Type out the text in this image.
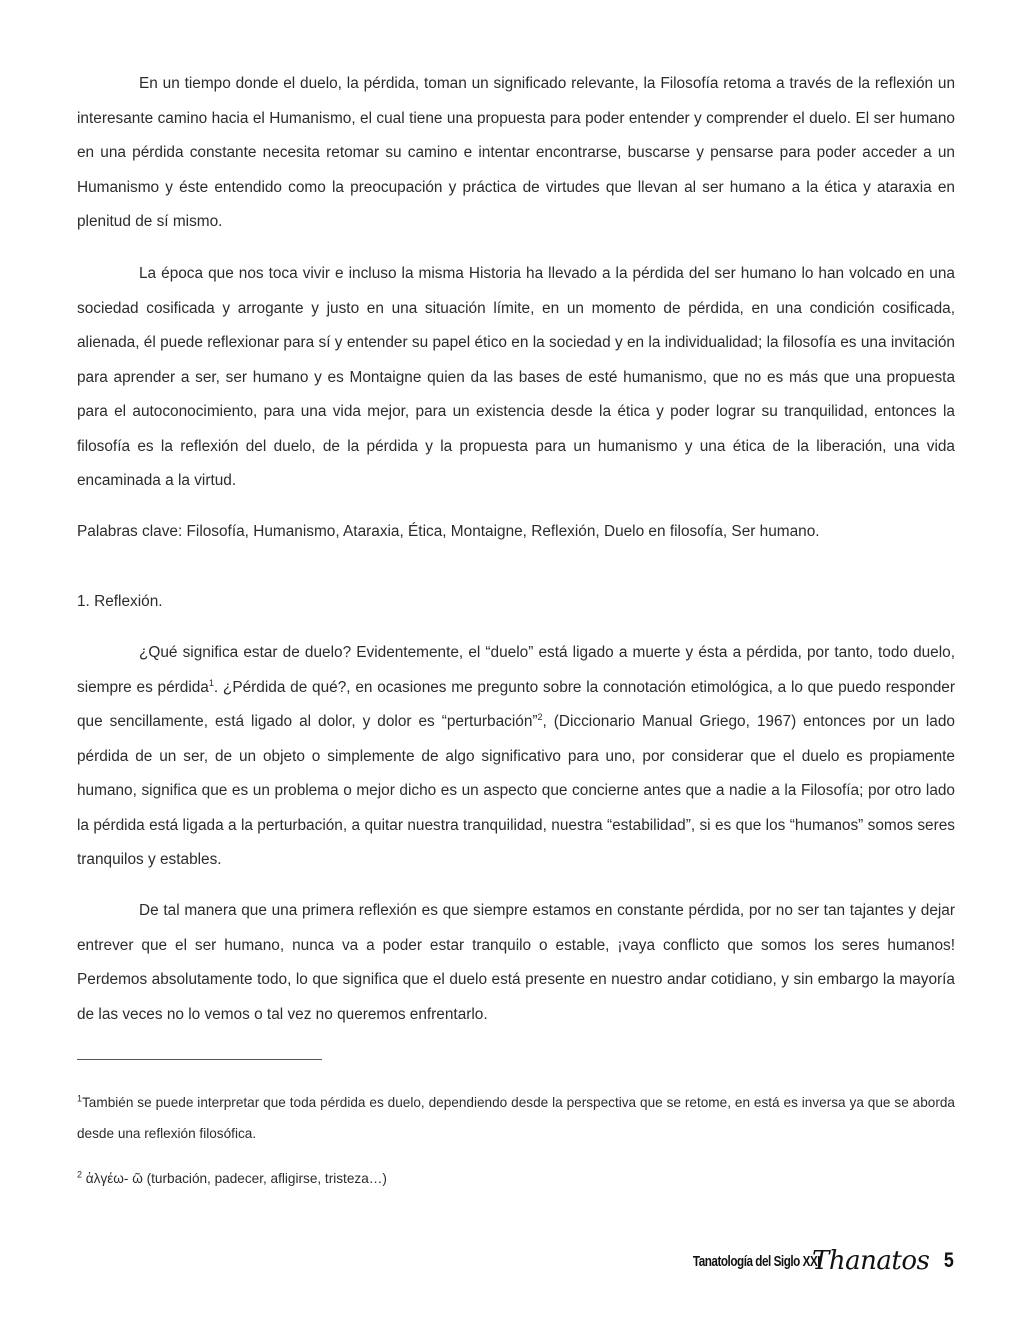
En un tiempo donde el duelo, la pérdida, toman un significado relevante, la Filosofía retoma a través de la reflexión un interesante camino hacia el Humanismo, el cual tiene una propuesta para poder entender y comprender el duelo. El ser humano en una pérdida constante necesita retomar su camino e intentar encontrarse, buscarse y pensarse para poder acceder a un Humanismo y éste entendido como la preocupación y práctica de virtudes que llevan al ser humano a la ética y ataraxia en plenitud de sí mismo.

La época que nos toca vivir e incluso la misma Historia ha llevado a la pérdida del ser humano lo han volcado en una sociedad cosificada y arrogante y justo en una situación límite, en un momento de pérdida, en una condición cosificada, alienada, él puede reflexionar para sí y entender su papel ético en la sociedad y en la individualidad; la filosofía es una invitación para aprender a ser, ser humano y es Montaigne quien da las bases de esté humanismo, que no es más que una propuesta para el autoconocimiento, para una vida mejor, para un existencia desde la ética y poder lograr su tranquilidad, entonces la filosofía es la reflexión del duelo, de la pérdida y la propuesta para un humanismo y una ética de la liberación, una vida encaminada a la virtud.

Palabras clave: Filosofía, Humanismo, Ataraxia, Ética, Montaigne, Reflexión, Duelo en filosofía, Ser humano.

1. Reflexión.

¿Qué significa estar de duelo? Evidentemente, el “duelo” está ligado a muerte y ésta a pérdida, por tanto, todo duelo, siempre es pérdida$^1$. ¿Pérdida de qué?, en ocasiones me pregunto sobre la connotación etimológica, a lo que puedo responder que sencillamente, está ligado al dolor, y dolor es “perturbación”$^2$, (Diccionario Manual Griego, 1967) entonces por un lado pérdida de un ser, de un objeto o simplemente de algo significativo para uno, por considerar que el duelo es propiamente humano, significa que es un problema o mejor dicho es un aspecto que concierne antes que a nadie a la Filosofía; por otro lado la pérdida está ligada a la perturbación, a quitar nuestra tranquilidad, nuestra “estabilidad”, si es que los “humanos” somos seres tranquilos y estables.

De tal manera que una primera reflexión es que siempre estamos en constante pérdida, por no ser tan tajantes y dejar entrever que el ser humano, nunca va a poder estar tranquilo o estable, ¡vaya conflicto que somos los seres humanos! Perdemos absolutamente todo, lo que significa que el duelo está presente en nuestro andar cotidiano, y sin embargo la mayoría de las veces no lo vemos o tal vez no queremos enfrentarlo.

$^1$También se puede interpretar que toda pérdida es duelo, dependiendo desde la perspectiva que se retome, en está es inversa ya que se aborda desde una reflexión filosófica.
$^2$ ἀλγέω- ῶ (turbación, padecer, afligirse, tristeza…)
Tanatología del Siglo XXI
Thanatos 5
